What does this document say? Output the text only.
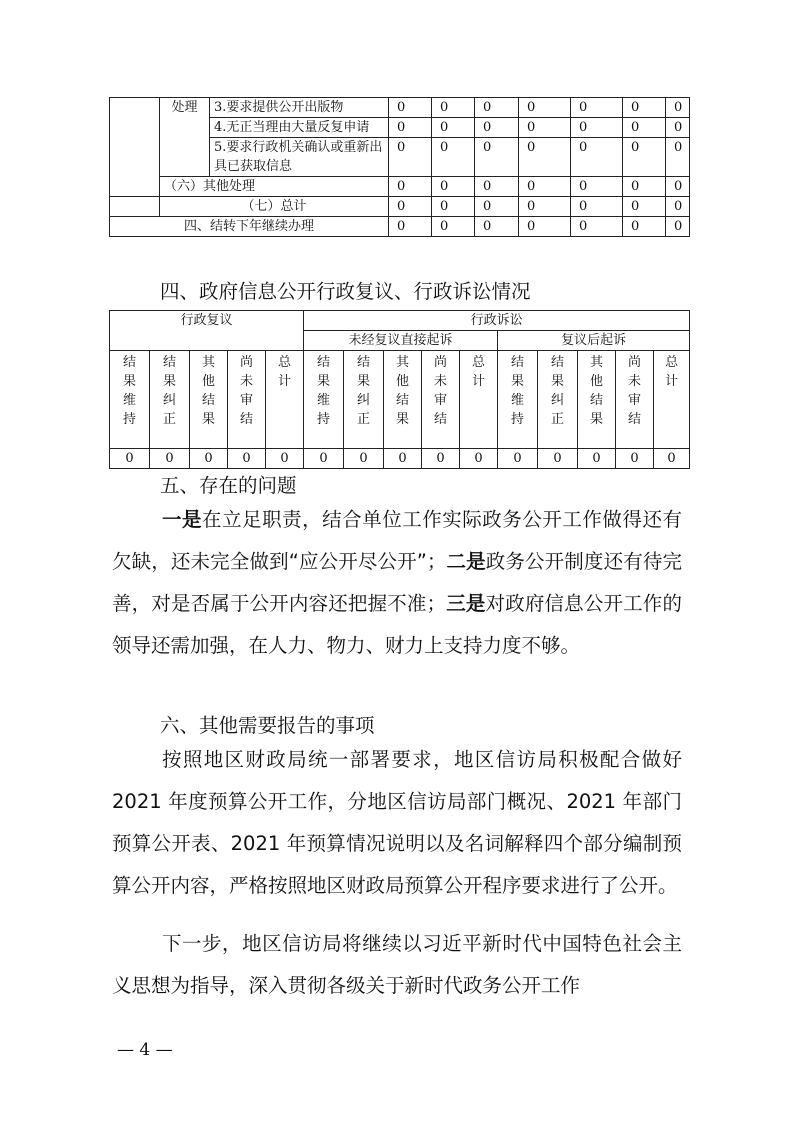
	处理	3.要求提供公开出版物	0	0	0	0	0	0	0
		4.无正当理由大量反复申请	0	0	0	0	0	0	0
		5.要求行政机关确认或重新出具已获取信息	0	0	0	0	0	0	0
	（六）其他处理		0	0	0	0	0	0	0
	（七）总计		0	0	0	0	0	0	0
四、结转下年继续办理			0	0	0	0	0	0	0
四、政府信息公开行政复议、行政诉讼情况
行政复议					行政诉讼									
					未经复议直接起诉					复议后起诉				
结果维持	结果纠正	其他结果	尚未审结	总计	结果维持	结果纠正	其他结果	尚未审结	总计	结果维持	结果纠正	其他结果	尚未审结	总计
0	0	0	0	0	0	0	0	0	0	0	0	0	0	0
五、存在的问题
一是在立足职责，结合单位工作实际政务公开工作做得还有欠缺，还未完全做到“应公开尽公开”；二是政务公开制度还有待完善，对是否属于公开内容还把握不准；三是对政府信息公开工作的领导还需加强，在人力、物力、财力上支持力度不够。
六、其他需要报告的事项
按照地区财政局统一部署要求，地区信访局积极配合做好 2021 年度预算公开工作，分地区信访局部门概况、2021 年部门预算公开表、2021 年预算情况说明以及名词解释四个部分编制预算公开内容，严格按照地区财政局预算公开程序要求进行了公开。
下一步，地区信访局将继续以习近平新时代中国特色社会主义思想为指导，深入贯彻各级关于新时代政务公开工作
— 4 —
